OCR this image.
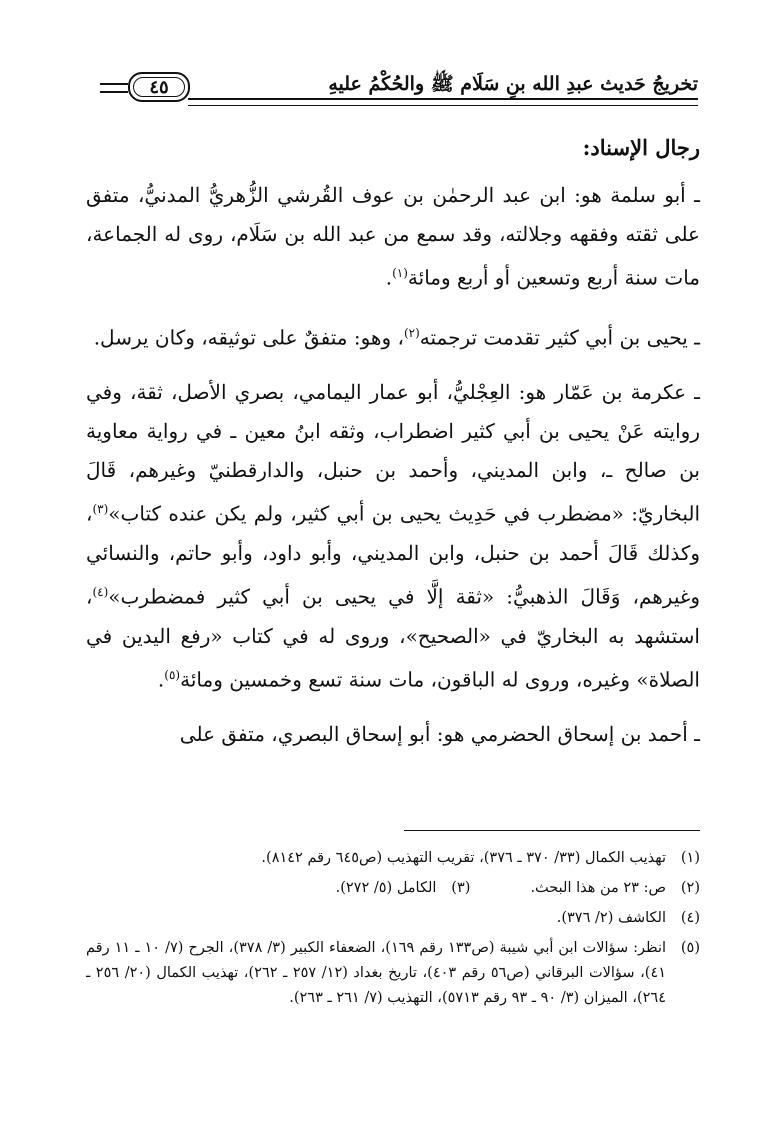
تخريجُ حَديث عبدِ الله بنِ سَلَام ﷺ والحُكْمُ عليهِ
٤٥
رجال الإسناد:

ـ أبو سلمة هو: ابن عبد الرحمٰن بن عوف القُرشي الزُّهريُّ المدنيُّ، متفق على ثقته وفقهه وجلالته، وقد سمع من عبد الله بن سَلَام، روى له الجماعة، مات سنة أربع وتسعين أو أربع ومائة$^{(١)}$.

ـ يحيى بن أبي كثير تقدمت ترجمته$^{(٢)}$، وهو: متفقٌ على توثيقه، وكان يرسل.

ـ عكرمة بن عَمّار هو: العِجْليُّ، أبو عمار اليمامي، بصري الأصل، ثقة، وفي روايته عَنْ يحيى بن أبي كثير اضطراب، وثقه ابنُ معين ـ في رواية معاوية بن صالح ـ، وابن المديني، وأحمد بن حنبل، والدارقطنيّ وغيرهم، قَالَ البخاريّ: «مضطرب في حَدِيث يحيى بن أبي كثير، ولم يكن عنده كتاب»$^{(٣)}$، وكذلك قَالَ أحمد بن حنبل، وابن المديني، وأبو داود، وأبو حاتم، والنسائي وغيرهم، وَقَالَ الذهبيُّ: «ثقة إلَّا في يحيى بن أبي كثير فمضطرب»$^{(٤)}$، استشهد به البخاريّ في «الصحيح»، وروى له في كتاب «رفع اليدين في الصلاة» وغيره، وروى له الباقون، مات سنة تسع وخمسين ومائة$^{(٥)}$.

ـ أحمد بن إسحاق الحضرمي هو: أبو إسحاق البصري، متفق على

(١)
تهذيب الكمال (٣٣/ ٣٧٠ ـ ٣٧٦)، تقريب التهذيب (ص٦٤٥ رقم ٨١٤٢).
(٢)
ص: ٢٣ من هذا البحث.
(٣)
الكامل (٥/ ٢٧٢).
(٤)
الكاشف (٢/ ٣٧٦).
(٥)
انظر: سؤالات ابن أبي شيبة (ص١٣٣ رقم ١٦٩)، الضعفاء الكبير (٣/ ٣٧٨)، الجرح (٧/ ١٠ ـ ١١ رقم ٤١)، سؤالات البرقاني (ص٥٦ رقم ٤٠٣)، تاريخ بغداد (١٢/ ٢٥٧ ـ ٢٦٢)، تهذيب الكمال (٢٠/ ٢٥٦ ـ ٢٦٤)، الميزان (٣/ ٩٠ ـ ٩٣ رقم ٥٧١٣)، التهذيب (٧/ ٢٦١ ـ ٢٦٣).
